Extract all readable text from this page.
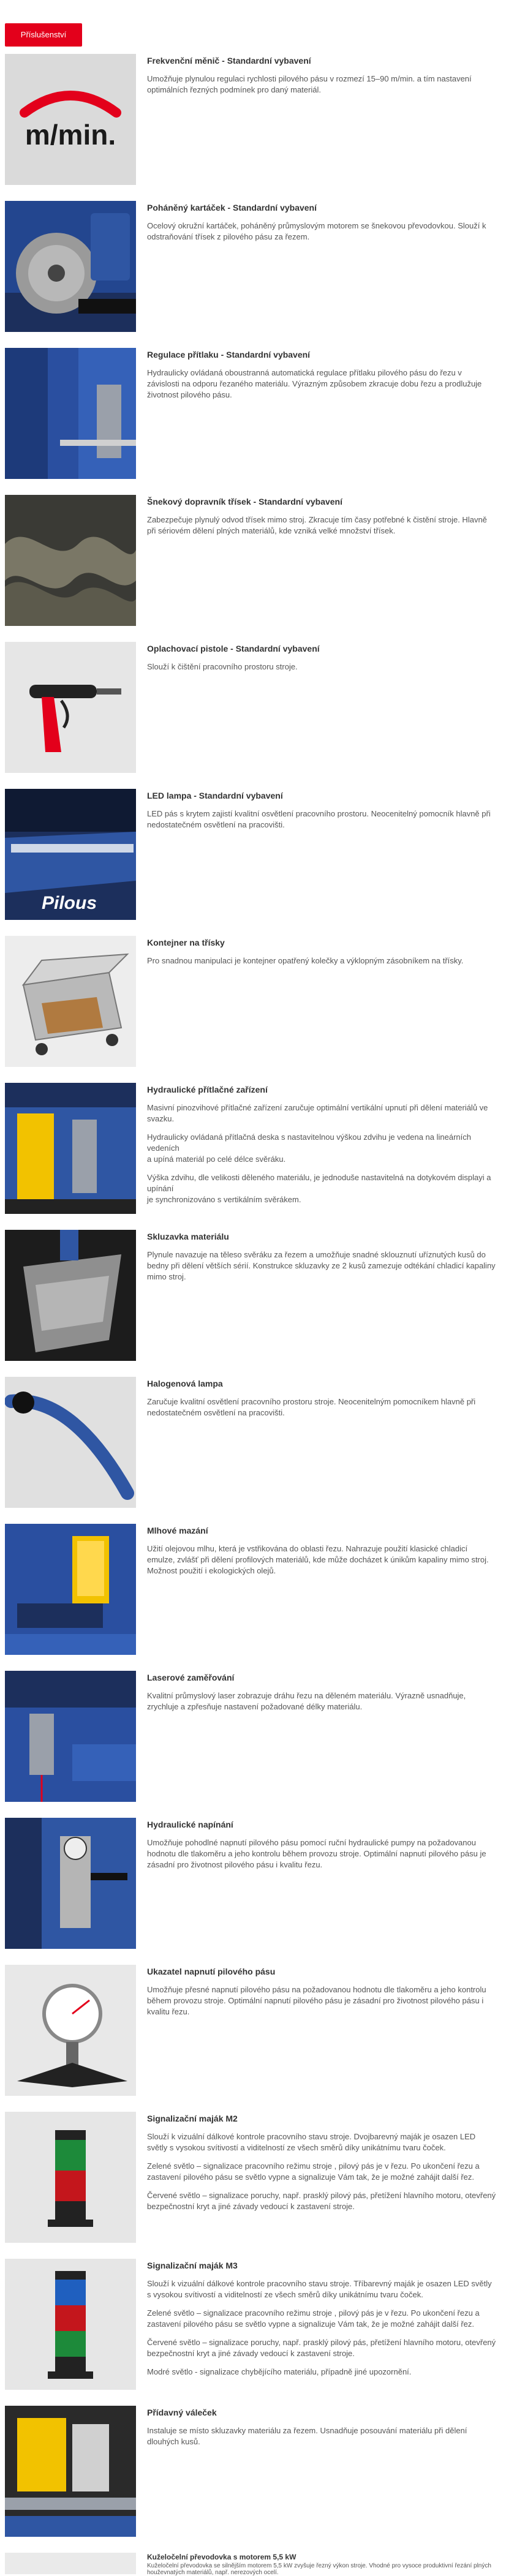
Příslušenství
m/min.
Frekvenční měnič - Standardní vybavení

Umožňuje plynulou regulaci rychlosti pilového pásu v rozmezí 15–90 m/min. a tím nastavení optimálních řezných podmínek pro daný materiál.

Poháněný kartáček - Standardní vybavení

Ocelový okružní kartáček, poháněný průmyslovým motorem se šnekovou převodovkou. Slouží k odstraňování třísek z pilového pásu za řezem.

Regulace přítlaku - Standardní vybavení

Hydraulicky ovládaná oboustranná automatická regulace přítlaku pilového pásu do řezu v závislosti na odporu řezaného materiálu. Výrazným způsobem zkracuje dobu řezu a prodlužuje životnost pilového pásu.

Šnekový dopravník třísek - Standardní vybavení

Zabezpečuje plynulý odvod třísek mimo stroj. Zkracuje tím časy potřebné k čistění stroje. Hlavně při sériovém dělení plných materiálů, kde vzniká velké množství třísek.

Oplachovací pistole - Standardní vybavení

Slouží k čištění pracovního prostoru stroje.

Pilous
LED lampa - Standardní vybavení

LED pás s krytem zajistí kvalitní osvětlení pracovního prostoru. Neocenitelný pomocník hlavně při nedostatečném osvětlení na pracovišti.

Kontejner na třísky

Pro snadnou manipulaci je kontejner opatřený kolečky a výklopným zásobníkem na třísky.

Hydraulické přítlačné zařízení

Masivní pinozvihové přítlačné zařízení zaručuje optimální vertikální upnutí při dělení materiálů ve svazku.

Hydraulicky ovládaná přítlačná deska s nastavitelnou výškou zdvihu je vedena na lineárních vedeních
a upíná materiál po celé délce svěráku.

Výška zdvihu, dle velikosti děleného materiálu, je jednoduše nastavitelná na dotykovém displayi a upínání
je synchronizováno s vertikálním svěrákem.

Skluzavka materiálu

Plynule navazuje na těleso svěráku za řezem a umožňuje snadné sklouznutí uříznutých kusů do bedny při dělení větších sérií. Konstrukce skluzavky ze 2 kusů zamezuje odtékání chladicí kapaliny mimo stroj.

Halogenová lampa

Zaručuje kvalitní osvětlení pracovního prostoru stroje. Neocenitelným pomocníkem hlavně při nedostatečném osvětlení na pracovišti.

Mlhové mazání

Užití olejovou mlhu, která je vstřikována do oblasti řezu. Nahrazuje použití klasické chladicí emulze, zvlášť při dělení profilových materiálů, kde může docházet k únikům kapaliny mimo stroj. Možnost použití i ekologických olejů.

Laserové zaměřování

Kvalitní průmyslový laser zobrazuje dráhu řezu na děleném materiálu. Výrazně usnadňuje, zrychluje a zpřesňuje nastavení požadované délky materiálu.

Hydraulické napínání

Umožňuje pohodlné napnutí pilového pásu pomocí ruční hydraulické pumpy na požadovanou hodnotu dle tlakoměru a jeho kontrolu během provozu stroje. Optimální napnutí pilového pásu je zásadní pro životnost pilového pásu i kvalitu řezu.

Ukazatel napnutí pilového pásu

Umožňuje přesné napnutí pilového pásu na požadovanou hodnotu dle tlakoměru a jeho kontrolu během provozu stroje. Optimální napnutí pilového pásu je zásadní pro životnost pilového pásu i kvalitu řezu.

Signalizační maják M2

Slouží k vizuální dálkové kontrole pracovního stavu stroje. Dvojbarevný maják je osazen LED světly s vysokou svítivostí a viditelností ze všech směrů díky unikátnímu tvaru čoček.

Zelené světlo – signalizace pracovního režimu stroje , pilový pás je v řezu. Po ukončení řezu a zastavení pilového pásu se světlo vypne a signalizuje Vám tak, že je možné zahájit další řez.

Červené světlo – signalizace poruchy, např. prasklý pilový pás, přetížení hlavního motoru, otevřený bezpečnostní kryt a jiné závady vedoucí k zastavení stroje.

Signalizační maják M3

Slouží k vizuální dálkové kontrole pracovního stavu stroje. Tříbarevný maják je osazen LED světly s vysokou svítivostí a viditelností ze všech směrů díky unikátnímu tvaru čoček.

Zelené světlo – signalizace pracovního režimu stroje , pilový pás je v řezu. Po ukončení řezu a zastavení pilového pásu se světlo vypne a signalizuje Vám tak, že je možné zahájit další řez.

Červené světlo – signalizace poruchy, např. prasklý pilový pás, přetížení hlavního motoru, otevřený bezpečnostní kryt a jiné závady vedoucí k zastavení stroje.

Modré světlo - signalizace chybějícího materiálu, případně jiné upozornění.

Přídavný váleček

Instaluje se místo skluzavky materiálu za řezem. Usnadňuje posouvání materiálu při dělení dlouhých kusů.

Kuželočelní převodovka s motorem 5,5 kW

Kuželočelní převodovka se silnějším motorem 5,5 kW zvyšuje řezný výkon stroje. Vhodné pro vysoce produktivní řezání plných houževnatých materiálů, např. nerezových ocelí.
